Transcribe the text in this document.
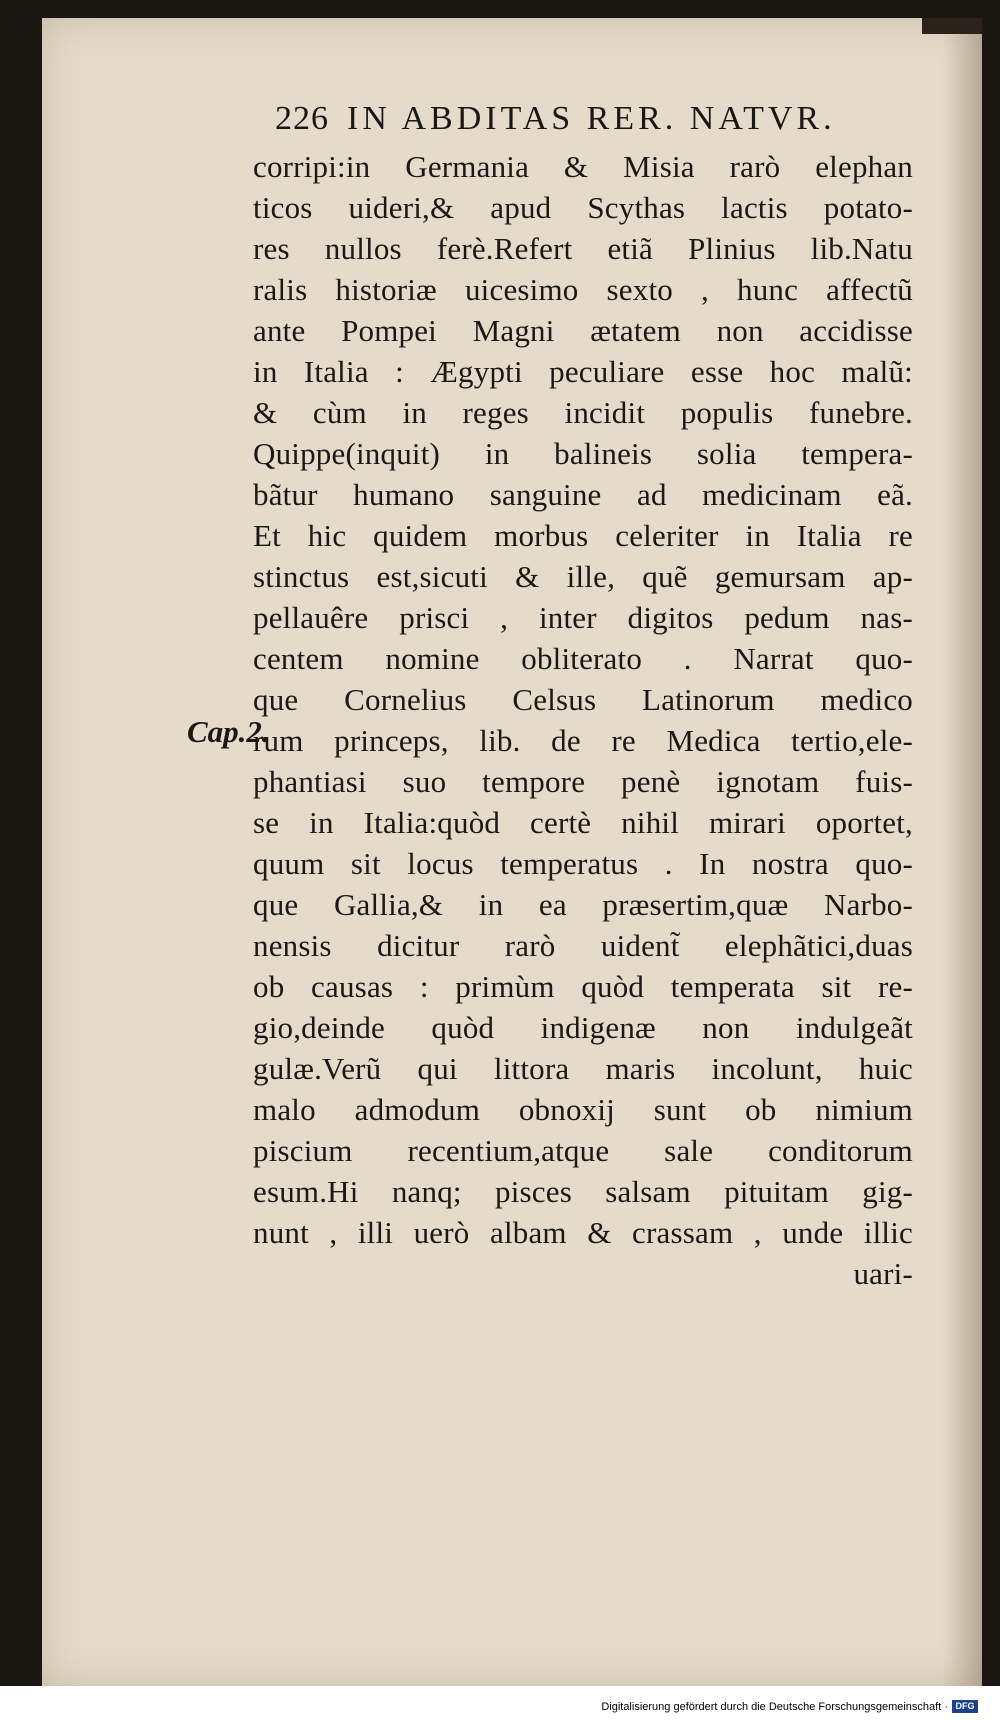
226 IN ABDITAS RER. NATVR.
Cap.2.
corripi:in Germania & Misia rarò elephan
ticos uideri,& apud Scythas lactis potato-
res nullos ferè.Refert etiã Plinius lib.Natu
ralis historiæ uicesimo sexto , hunc affectũ
ante Pompei Magni ætatem non accidisse
in Italia : Ægypti peculiare esse hoc malũ:
& cùm in reges incidit populis funebre.
Quippe(inquit) in balineis solia tempera-
bãtur humano sanguine ad medicinam eã.
Et hic quidem morbus celeriter in Italia re
stinctus est,sicuti & ille, quẽ gemursam ap-
pellauêre prisci , inter digitos pedum nas-
centem nomine obliterato . Narrat quo-
que Cornelius Celsus Latinorum medico
rum princeps, lib. de re Medica tertio,ele-
phantiasi suo tempore penè ignotam fuis-
se in Italia:quòd certè nihil mirari oportet,
quum sit locus temperatus . In nostra quo-
que Gallia,& in ea præsertim,quæ Narbo-
nensis dicitur rarò uident̃ elephãtici,duas
ob causas : primùm quòd temperata sit re-
gio,deinde quòd indigenæ non indulgeãt
gulæ.Verũ qui littora maris incolunt, huic
malo admodum obnoxij sunt ob nimium
piscium recentium,atque sale conditorum
esum.Hi nanq; pisces salsam pituitam gig-
nunt , illi uerò albam & crassam , unde illic
uari-
Digitalisierung gefördert durch die Deutsche Forschungsgemeinschaft · DFG
